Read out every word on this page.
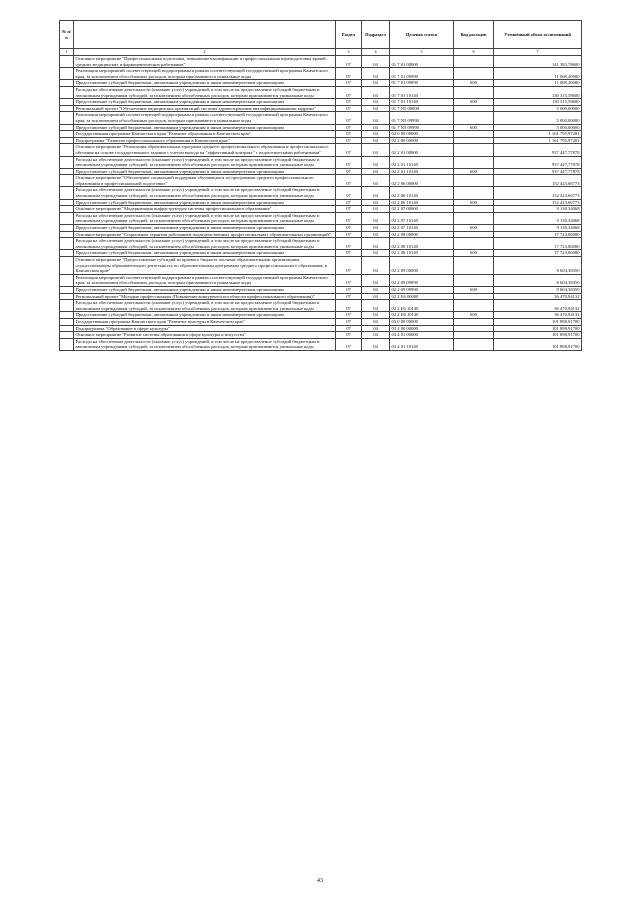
№ п/п		Раздел	Подраздел	Целевая статья	Вид расходов	Уточнённый объем ассигнований
1	2	3	4	5	6	7
	Основное мероприятие "Профессиональная подготовка, повышение квалификации и профессиональная переподготовка врачей, средних медицинских и фармацевтических работников"	07	04	01 7 01 00000		141 383,78600
	Реализация мероприятий соответствующей подпрограммы в рамках соответствующей государственной программы Камчатского края, за исключением обособленных расходов, которым присваиваются уникальные коды	07	04	01 7 01 09990		11 068,20000
	Предоставление субсидий бюджетным, автономным учреждениям и иным некоммерческим организациям	07	04	01 7 01 09990	600	11 068,20000
	Расходы на обеспечение деятельности (оказание услуг) учреждений, в том числе на предоставление субсидий бюджетным и автономным учреждениям субсидий, за исключением обособленных расходов, которым присваиваются уникальные коды	07	04	01 7 01 10140		130 315,58600
	Предоставление субсидий бюджетным, автономным учреждениям и иным некоммерческим организациям	07	04	01 7 01 10140	600	130 315,58600
	Региональный проект "Обеспечение медицинских организаций системы здравоохранения квалифицированными кадрами"	07	04	01 7 N5 00000		5 000,00000
	Реализация мероприятий соответствующей подпрограммы в рамках соответствующей государственной программы Камчатского края, за исключением обособленных расходов, которым присваиваются уникальные коды	07	04	01 7 N5 09990		5 000,00000
	Предоставление субсидий бюджетным, автономным учреждениям и иным некоммерческим организациям	07	04	01 7 N5 09990	600	5 000,00000
	Государственная программа Камчатского края "Развитие образования в Камчатском крае"	07	04	02 0 00 00000		1 161 795,97281
	Подпрограмма "Развитие профессионального образования в Камчатском крае"	07	04	02 2 00 00000		1 161 795,97281
	Основное мероприятие "Реализация образовательных программ среднего профессионального образования и профессионального обучения на основе государственного задания с учетом выхода на "эффективный контракт" с педагогическими работниками"	07	04	02 2 01 00000		937 447,77878
	Расходы на обеспечение деятельности (оказание услуг) учреждений, в том числе на предоставление субсидий бюджетным и автономным учреждениям субсидий, за исключением обособленных расходов, которым присваиваются уникальные коды	07	04	02 2 01 10140		937 447,77878
	Предоставление субсидий бюджетным, автономным учреждениям и иным некоммерческим организациям	07	04	02 2 01 10140	600	937 447,77878
	Основное мероприятие "Обеспечение социальной поддержки обучающихся по программам среднего профессионального образования и профессиональной подготовки"	07	04	02 2 06 00000		152 423,66773
	Расходы на обеспечение деятельности (оказание услуг) учреждений, в том числе на предоставление субсидий бюджетным и автономным учреждениям субсидий, за исключением обособленных расходов, которым присваиваются уникальные коды	07	04	02 2 06 10140		152 423,66773
	Предоставление субсидий бюджетным, автономным учреждениям и иным некоммерческим организациям	07	04	02 2 06 10140	600	152 423,66773
	Основное мероприятие "Модернизация инфраструктуры системы профессионального образования"	07	04	02 2 07 00000		9 130,34068
	Расходы на обеспечение деятельности (оказание услуг) учреждений, в том числе на предоставление субсидий бюджетным и автономным учреждениям субсидий, за исключением обособленных расходов, которым присваиваются уникальные коды	07	04	02 2 07 10140		9 130,34068
	Предоставление субсидий бюджетным, автономным учреждениям и иным некоммерческим организациям	07	04	02 2 07 10140	600	9 130,34068
	Основное мероприятие "Социальные гарантии работникам подведомственных профессиональных образовательных организаций"	07	04	02 2 08 00000		17 723,86080
	Расходы на обеспечение деятельности (оказание услуг) учреждений, в том числе на предоставление субсидий бюджетным и автономным учреждениям субсидий, за исключением обособленных расходов, которым присваиваются уникальные коды	07	04	02 2 08 10140		17 723,86080
	Предоставление субсидий бюджетным, автономным учреждениям и иным некоммерческим организациям	07	04	02 2 08 10140	600	17 723,86080
	Основное мероприятие "Предоставление субсидий из краевого бюджета частным образовательным организациям, осуществляющим образовательную деятельность по образовательным программам среднего профессионального образования, в Камчатском крае"	07	04	02 2 09 00000		8 604,38350
	Реализация мероприятий соответствующей подпрограммы в рамках соответствующей государственной программы Камчатского края, за исключением обособленных расходов, которым присваиваются уникальные коды	07	04	02 2 09 09990		8 604,38350
	Предоставление субсидий бюджетным, автономным учреждениям и иным некоммерческим организациям	07	04	02 2 09 09990	600	8 604,38350
	Региональный проект "Молодые профессионалы (Повышение конкурентоспособности профессионального образования)"	07	04	02 2 E6 00000		36 470,94132
	Расходы на обеспечение деятельности (оказание услуг) учреждений, в том числе на предоставление субсидий бюджетным и автономным учреждениям субсидий, за исключением обособленных расходов, которым присваиваются уникальные коды	07	04	02 2 E6 10140		36 470,94132
	Предоставление субсидий бюджетным, автономным учреждениям и иным некоммерческим организациям	07	04	02 2 E6 10140	600	36 470,94132
	Государственная программа Камчатского края "Развитие культуры в Камчатском крае"	07	04	03 0 00 00000		101 898,91700
	Подпрограмма "Образование в сфере культуры"	07	04	03 4 00 00000		101 898,91700
	Основное мероприятие "Развитие системы образования в сфере культуры и искусства"	07	04	03 4 01 00000		101 898,91700
	Расходы на обеспечение деятельности (оказание услуг) учреждений, в том числе на предоставление субсидий бюджетным и автономным учреждениям субсидий, за исключением обособленных расходов, которым присваиваются уникальные коды	07	04	03 4 01 10140		101 898,91700
43
